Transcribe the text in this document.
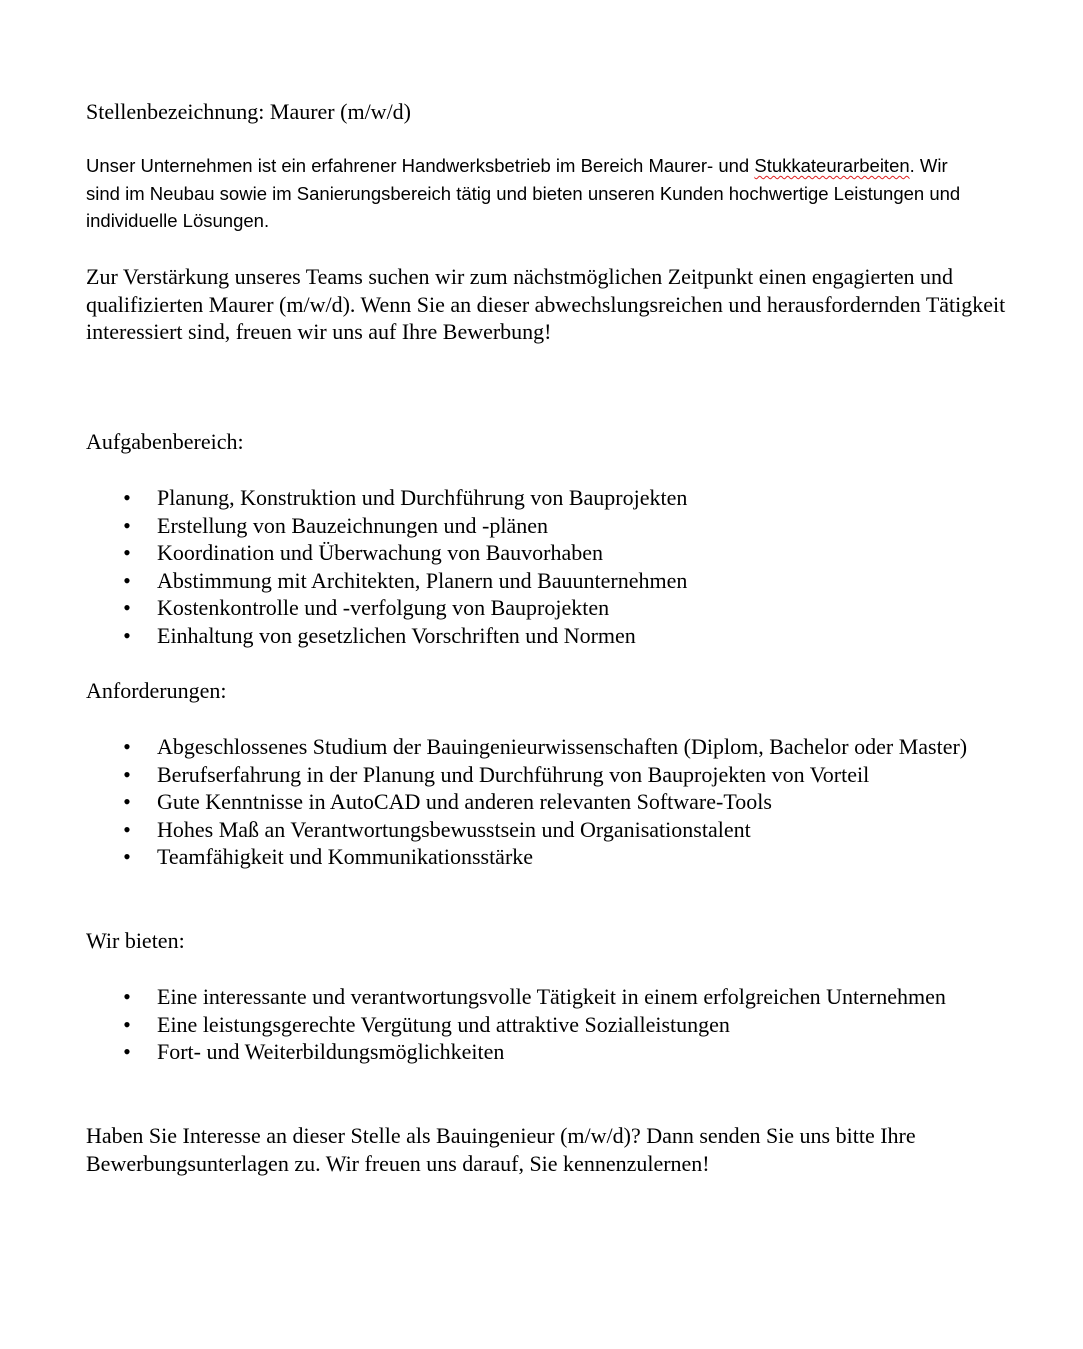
Stellenbezeichnung: Maurer (m/w/d)
Unser Unternehmen ist ein erfahrener Handwerksbetrieb im Bereich Maurer- und Stukkateurarbeiten. Wir sind im Neubau sowie im Sanierungsbereich tätig und bieten unseren Kunden hochwertige Leistungen und individuelle Lösungen.
Zur Verstärkung unseres Teams suchen wir zum nächstmöglichen Zeitpunkt einen engagierten und qualifizierten Maurer (m/w/d). Wenn Sie an dieser abwechslungsreichen und herausfordernden Tätigkeit interessiert sind, freuen wir uns auf Ihre Bewerbung!
Aufgabenbereich:
• Planung, Konstruktion und Durchführung von Bauprojekten
• Erstellung von Bauzeichnungen und -plänen
• Koordination und Überwachung von Bauvorhaben
• Abstimmung mit Architekten, Planern und Bauunternehmen
• Kostenkontrolle und -verfolgung von Bauprojekten
• Einhaltung von gesetzlichen Vorschriften und Normen
Anforderungen:
• Abgeschlossenes Studium der Bauingenieurwissenschaften (Diplom, Bachelor oder Master)
• Berufserfahrung in der Planung und Durchführung von Bauprojekten von Vorteil
• Gute Kenntnisse in AutoCAD und anderen relevanten Software-Tools
• Hohes Maß an Verantwortungsbewusstsein und Organisationstalent
• Teamfähigkeit und Kommunikationsstärke
Wir bieten:
• Eine interessante und verantwortungsvolle Tätigkeit in einem erfolgreichen Unternehmen
• Eine leistungsgerechte Vergütung und attraktive Sozialleistungen
• Fort- und Weiterbildungsmöglichkeiten
Haben Sie Interesse an dieser Stelle als Bauingenieur (m/w/d)? Dann senden Sie uns bitte Ihre Bewerbungsunterlagen zu. Wir freuen uns darauf, Sie kennenzulernen!
